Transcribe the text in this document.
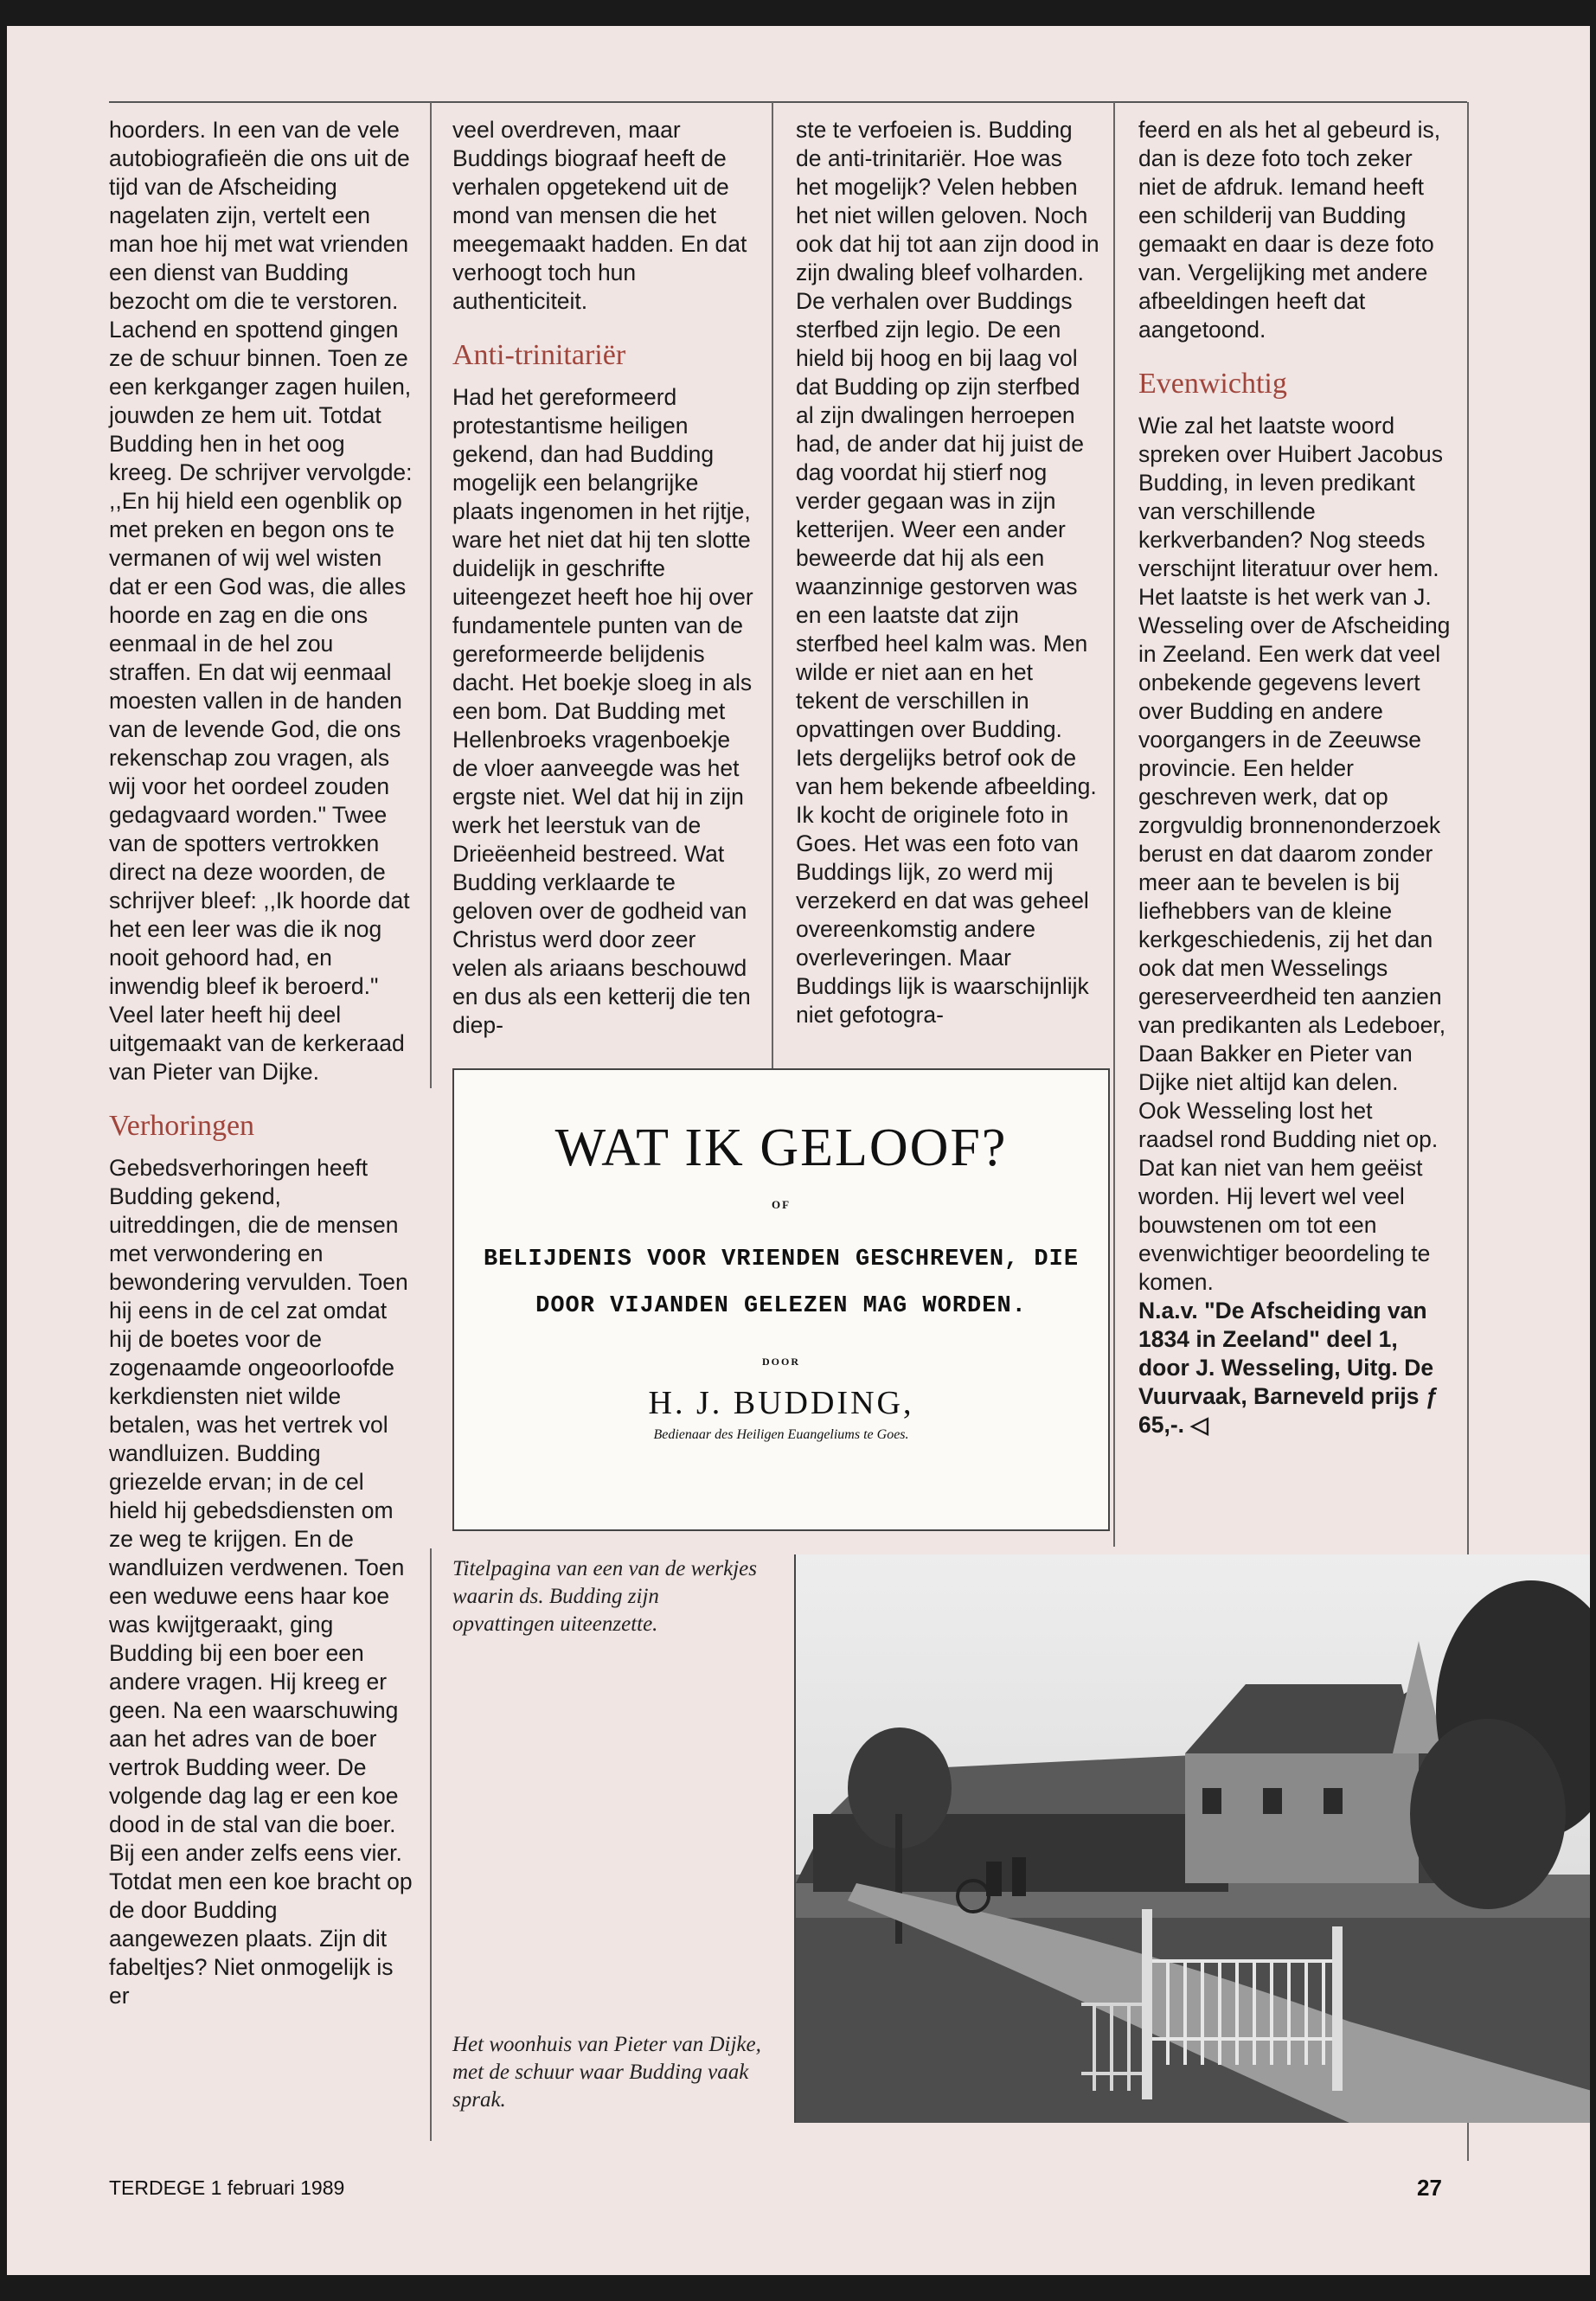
hoorders. In een van de vele autobiografieën die ons uit de tijd van de Afscheiding nagelaten zijn, vertelt een man hoe hij met wat vrienden een dienst van Budding bezocht om die te verstoren. Lachend en spottend gingen ze de schuur binnen. Toen ze een kerkganger zagen huilen, jouwden ze hem uit. Totdat Budding hen in het oog kreeg. De schrijver vervolgde: ,,En hij hield een ogenblik op met preken en begon ons te vermanen of wij wel wisten dat er een God was, die alles hoorde en zag en die ons eenmaal in de hel zou straffen. En dat wij eenmaal moesten vallen in de handen van de levende God, die ons rekenschap zou vragen, als wij voor het oordeel zouden gedagvaard worden." Twee van de spotters vertrokken direct na deze woorden, de schrijver bleef: ,,Ik hoorde dat het een leer was die ik nog nooit gehoord had, en inwendig bleef ik beroerd." Veel later heeft hij deel uitgemaakt van de kerkeraad van Pieter van Dijke.

Verhoringen

Gebedsverhoringen heeft Budding gekend, uitreddingen, die de mensen met verwondering en bewondering vervulden. Toen hij eens in de cel zat omdat hij de boetes voor de zogenaamde ongeoorloofde kerkdiensten niet wilde betalen, was het vertrek vol wandluizen. Budding griezelde ervan; in de cel hield hij gebedsdiensten om ze weg te krijgen. En de wandluizen verdwenen. Toen een weduwe eens haar koe was kwijtgeraakt, ging Budding bij een boer een andere vragen. Hij kreeg er geen. Na een waarschuwing aan het adres van de boer vertrok Budding weer. De volgende dag lag er een koe dood in de stal van die boer. Bij een ander zelfs eens vier. Totdat men een koe bracht op de door Budding aangewezen plaats. Zijn dit fabeltjes? Niet onmogelijk is er

veel overdreven, maar Buddings biograaf heeft de verhalen opgetekend uit de mond van mensen die het meegemaakt hadden. En dat verhoogt toch hun authenticiteit.

Anti-trinitariër

Had het gereformeerd protestantisme heiligen gekend, dan had Budding mogelijk een belangrijke plaats ingenomen in het rijtje, ware het niet dat hij ten slotte duidelijk in geschrifte uiteengezet heeft hoe hij over fundamentele punten van de gereformeerde belijdenis dacht. Het boekje sloeg in als een bom. Dat Budding met Hellenbroeks vragenboekje de vloer aanveegde was het ergste niet. Wel dat hij in zijn werk het leerstuk van de Drieëenheid bestreed. Wat Budding verklaarde te geloven over de godheid van Christus werd door zeer velen als ariaans beschouwd en dus als een ketterij die ten diep-

ste te verfoeien is. Budding de anti-trinitariër. Hoe was het mogelijk? Velen hebben het niet willen geloven. Noch ook dat hij tot aan zijn dood in zijn dwaling bleef volharden.

De verhalen over Buddings sterfbed zijn legio. De een hield bij hoog en bij laag vol dat Budding op zijn sterfbed al zijn dwalingen herroepen had, de ander dat hij juist de dag voordat hij stierf nog verder gegaan was in zijn ketterijen. Weer een ander beweerde dat hij als een waanzinnige gestorven was en een laatste dat zijn sterfbed heel kalm was. Men wilde er niet aan en het tekent de verschillen in opvattingen over Budding. Iets dergelijks betrof ook de van hem bekende afbeelding. Ik kocht de originele foto in Goes. Het was een foto van Buddings lijk, zo werd mij verzekerd en dat was geheel overeenkomstig andere overleveringen. Maar Buddings lijk is waarschijnlijk niet gefotogra-

feerd en als het al gebeurd is, dan is deze foto toch zeker niet de afdruk. Iemand heeft een schilderij van Budding gemaakt en daar is deze foto van. Vergelijking met andere afbeeldingen heeft dat aangetoond.

Evenwichtig

Wie zal het laatste woord spreken over Huibert Jacobus Budding, in leven predikant van verschillende kerkverbanden? Nog steeds verschijnt literatuur over hem. Het laatste is het werk van J. Wesseling over de Afscheiding in Zeeland. Een werk dat veel onbekende gegevens levert over Budding en andere voorgangers in de Zeeuwse provincie. Een helder geschreven werk, dat op zorgvuldig bronnenonderzoek berust en dat daarom zonder meer aan te bevelen is bij liefhebbers van de kleine kerkgeschiedenis, zij het dan ook dat men Wesselings gereserveerdheid ten aanzien van predikanten als Ledeboer, Daan Bakker en Pieter van Dijke niet altijd kan delen.

Ook Wesseling lost het raadsel rond Budding niet op. Dat kan niet van hem geëist worden. Hij levert wel veel bouwstenen om tot een evenwichtiger beoordeling te komen.

N.a.v. "De Afscheiding van 1834 in Zeeland" deel 1, door J. Wesseling, Uitg. De Vuurvaak, Barneveld prijs ƒ 65,-. ◁

WAT IK GELOOF?
OF
BELIJDENIS VOOR VRIENDEN GESCHREVEN, DIE
DOOR VIJANDEN GELEZEN MAG WORDEN.
DOOR
H. J. BUDDING,
Bedienaar des Heiligen Euangeliums te Goes.
Titelpagina van een van de werkjes waarin ds. Budding zijn opvattingen uiteenzette.
Het woonhuis van Pieter van Dijke, met de schuur waar Budding vaak sprak.
TERDEGE 1 februari 1989	27
